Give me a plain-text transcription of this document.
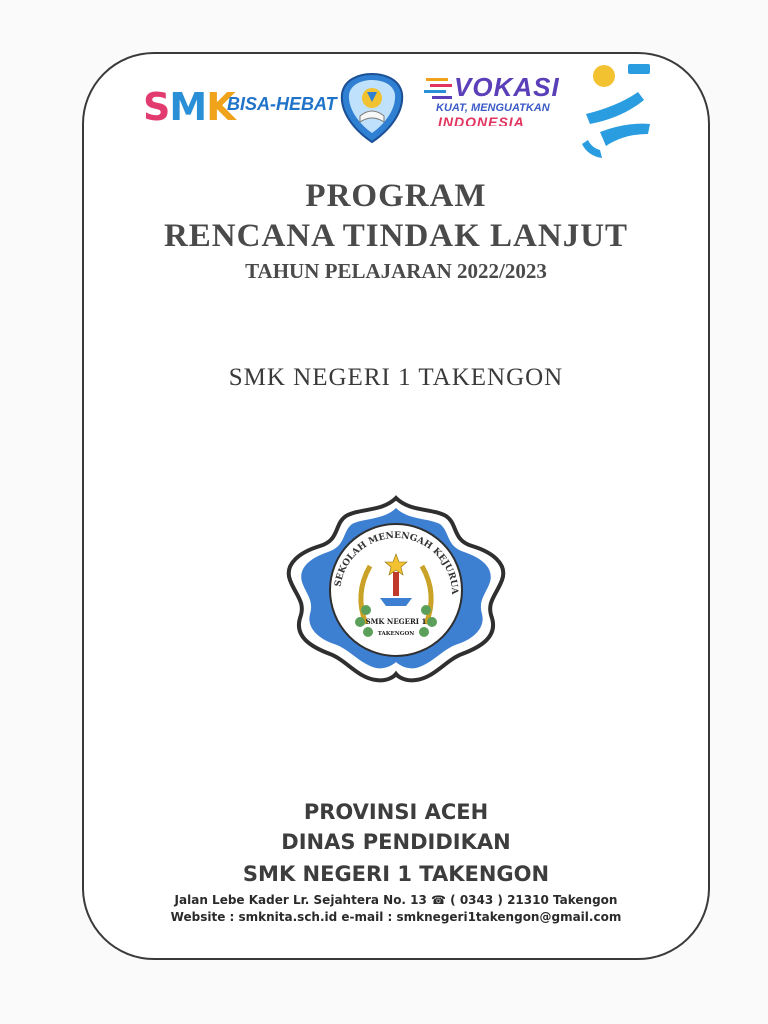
SMK
BISA-HEBAT
VOKASI
KUAT, MENGUATKAN
INDONESIA
PROGRAM
RENCANA TINDAK LANJUT
TAHUN PELAJARAN 2022/2023
SMK NEGERI 1 TAKENGON
SEKOLAH MENENGAH KEJURUA
SMK NEGERI 1
TAKENGON
PROVINSI ACEH
DINAS PENDIDIKAN
SMK NEGERI 1 TAKENGON
Jalan Lebe Kader Lr. Sejahtera No. 13 ☎ ( 0343 ) 21310 Takengon
Website : smknita.sch.id e-mail : smknegeri1takengon@gmail.com
